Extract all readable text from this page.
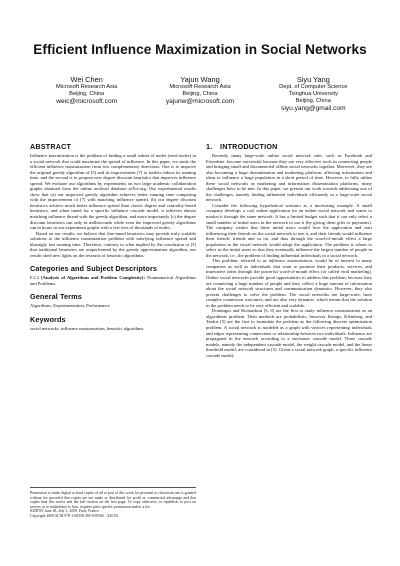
Efficient Influence Maximization in Social Networks
Wei Chen
Microsoft Research Asia
Beijing, China
weic@microsoft.com
Yajun Wang
Microsoft Research Asia
Beijing, China
yajunw@microsoft.com
Siyu Yang
Dept. of Computer Science
Tsinghua University
Beijing, China
siyu.yang@gmail.com
ABSTRACT

Influence maximization is the problem of finding a small subset of nodes (seed nodes) in a social network that could maximize the spread of influence. In this paper, we study the efficient influence maximization from two complementary directions. One is to improve the original greedy algorithm of [5] and its improvement [7] to further reduce its running time, and the second is to propose new degree discount heuristics that improves influence spread. We evaluate our algorithms by experiments on two large academic collaboration graphs obtained from the online archival database arXiv.org. Our experimental results show that (a) our improved greedy algorithm achieves better running time comparing with the improvement of [7] with matching influence spread, (b) our degree discount heuristics achieve much better influence spread than classic degree and centrality-based heuristics, and when tuned for a specific influence cascade model, it achieves almost matching influence thread with the greedy algorithm, and more importantly (c) the degree discount heuristics run only in milliseconds while even the improved greedy algorithms run in hours in our experiment graphs with a few tens of thousands of nodes.

Based on our results, we believe that fine-tuned heuristics may provide truly scalable solutions to the influence maximization problem with satisfying influence spread and blazingly fast running time. Therefore, contrary to what implied by the conclusion of [5] that traditional heuristics are outperformed by the greedy approximation algorithm, our results shed new lights on the research of heuristic algorithms.

Categories and Subject Descriptors

F.2.2 [Analysis of Algorithms and Problem Complexity]: Nonnumerical Algorithms and Problems.

General Terms

Algorithms, Experimentation, Performance

Keywords

social networks, influence maximization, heuristic algorithms

Permission to make digital or hard copies of all or part of this work for personal or classroom use is granted without fee provided that copies are not made or distributed for profit or commercial advantage and that copies bear this notice and the full citation on the first page. To copy otherwise, to republish, to post on servers or to redistribute to lists, requires prior specific permission and/or a fee.
KDD'09, June 28–July 1, 2009, Paris, France.
Copyright 2009 ACM 978-1-60558-495-9/09/06 ...$10.00.
1. INTRODUCTION

Recently many large-scale online social network sites, such as Facebook and Friendster, become successful because they are very effective tools in connecting people and bringing small and disconnected offline social networks together. Moreover, they are also becoming a huge dissemination and marketing platform, allowing information and ideas to influence a large population in a short period of time. However, to fully utilize these social networks as marketing and information dissemination platforms, many challenges have to be met. In this paper, we present our work towards addressing one of the challenges, namely finding influential individuals efficiently in a large-scale social network.

Consider the following hypothetical scenario as a motivating example. A small company develops a cool online application for an online social network and wants to market it through the same network. It has a limited budget such that it can only select a small number of initial users in the network to use it (by giving them gifts or payments). The company wishes that these initial users would love the application and start influencing their friends on the social network to use it, and their friends would influence their friends' friends and so on, and thus through the word-of-mouth effect a large population in the social network would adopt the application. The problem is whom to select as the initial users so that they eventually influence the largest number of people in the network, i.e., the problem of finding influential individuals in a social network.

This problem, referred to as influence maximization, would be of interest to many companies as well as individuals that want to promote their products, services, and innovative ideas through the powerful word-of-mouth effect (or called viral marketing). Online social networks provide good opportunities to address this problem, because they are connecting a huge number of people and they collect a huge amount of information about the social network structures and communication dynamics. However, they also present challenges to solve the problem. The social networks are large-scale, have complex connection structures, and are also very dynamic, which means that the solution to the problem needs to be very efficient and scalable.

Domingos and Richardson [3, 8] are the first to study influence maximization as an algorithmic problem. Their methods are probabilistic, however. Kempe, Kleinberg, and Tardos [5] are the first to formulate the problem as the following discrete optimization problem. A social network is modeled as a graph with vertices representing individuals and edges representing connections or relationship between two individuals. Influence are propagated in the network according to a stochastic cascade model. Three cascade models, namely the independent cascade model, the weight cascade model, and the linear threshold model, are considered in [5]. Given a social network graph, a specific influence cascade model,
